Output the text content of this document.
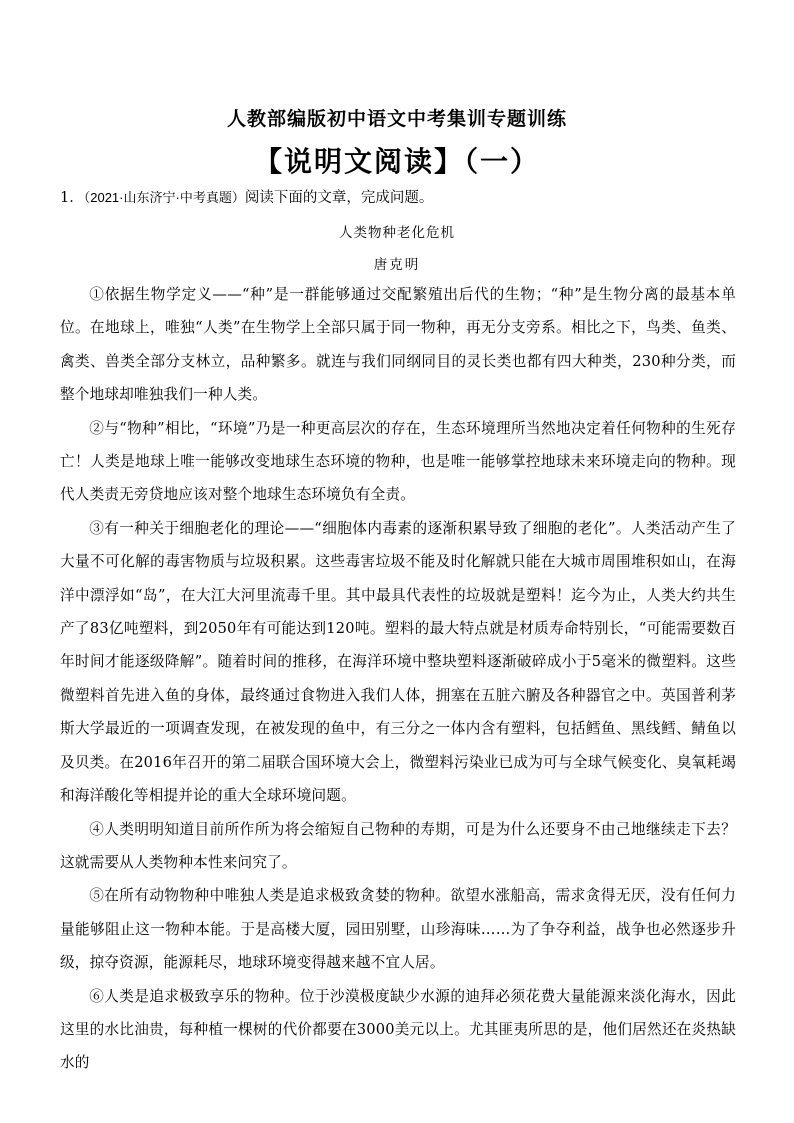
人教部编版初中语文中考集训专题训练
【说明文阅读】（一）
1．（2021·山东济宁·中考真题）阅读下面的文章，完成问题。
人类物种老化危机
唐克明

①依据生物学定义——“种”是一群能够通过交配繁殖出后代的生物；“种”是生物分离的最基本单位。在地球上，唯独“人类”在生物学上全部只属于同一物种，再无分支旁系。相比之下，鸟类、鱼类、禽类、兽类全部分支林立，品种繁多。就连与我们同纲同目的灵长类也都有四大种类，230种分类，而整个地球却唯独我们一种人类。

②与“物种”相比，“环境”乃是一种更高层次的存在，生态环境理所当然地决定着任何物种的生死存亡！人类是地球上唯一能够改变地球生态环境的物种，也是唯一能够掌控地球未来环境走向的物种。现代人类责无旁贷地应该对整个地球生态环境负有全责。

③有一种关于细胞老化的理论——“细胞体内毒素的逐渐积累导致了细胞的老化”。人类活动产生了大量不可化解的毒害物质与垃圾积累。这些毒害垃圾不能及时化解就只能在大城市周围堆积如山，在海洋中漂浮如“岛”，在大江大河里流毒千里。其中最具代表性的垃圾就是塑料！迄今为止，人类大约共生产了83亿吨塑料，到2050年有可能达到120吨。塑料的最大特点就是材质寿命特别长，“可能需要数百年时间才能逐级降解”。随着时间的推移，在海洋环境中整块塑料逐渐破碎成小于5毫米的微塑料。这些微塑料首先进入鱼的身体，最终通过食物进入我们人体，拥塞在五脏六腑及各种器官之中。英国普利茅斯大学最近的一项调查发现，在被发现的鱼中，有三分之一体内含有塑料，包括鳕鱼、黑线鳕、鲭鱼以及贝类。在2016年召开的第二届联合国环境大会上，微塑料污染业已成为可与全球气候变化、臭氧耗竭和海洋酸化等相提并论的重大全球环境问题。

④人类明明知道目前所作所为将会缩短自己物种的寿期，可是为什么还要身不由己地继续走下去？这就需要从人类物种本性来问究了。

⑤在所有动物物种中唯独人类是追求极致贪婪的物种。欲望水涨船高，需求贪得无厌，没有任何力量能够阻止这一物种本能。于是高楼大厦，园田别墅，山珍海味……为了争夺利益，战争也必然逐步升级，掠夺资源，能源耗尽，地球环境变得越来越不宜人居。

⑥人类是追求极致享乐的物种。位于沙漠极度缺少水源的迪拜必须花费大量能源来淡化海水，因此这里的水比油贵，每种植一棵树的代价都要在3000美元以上。尤其匪夷所思的是，他们居然还在炎热缺水的
